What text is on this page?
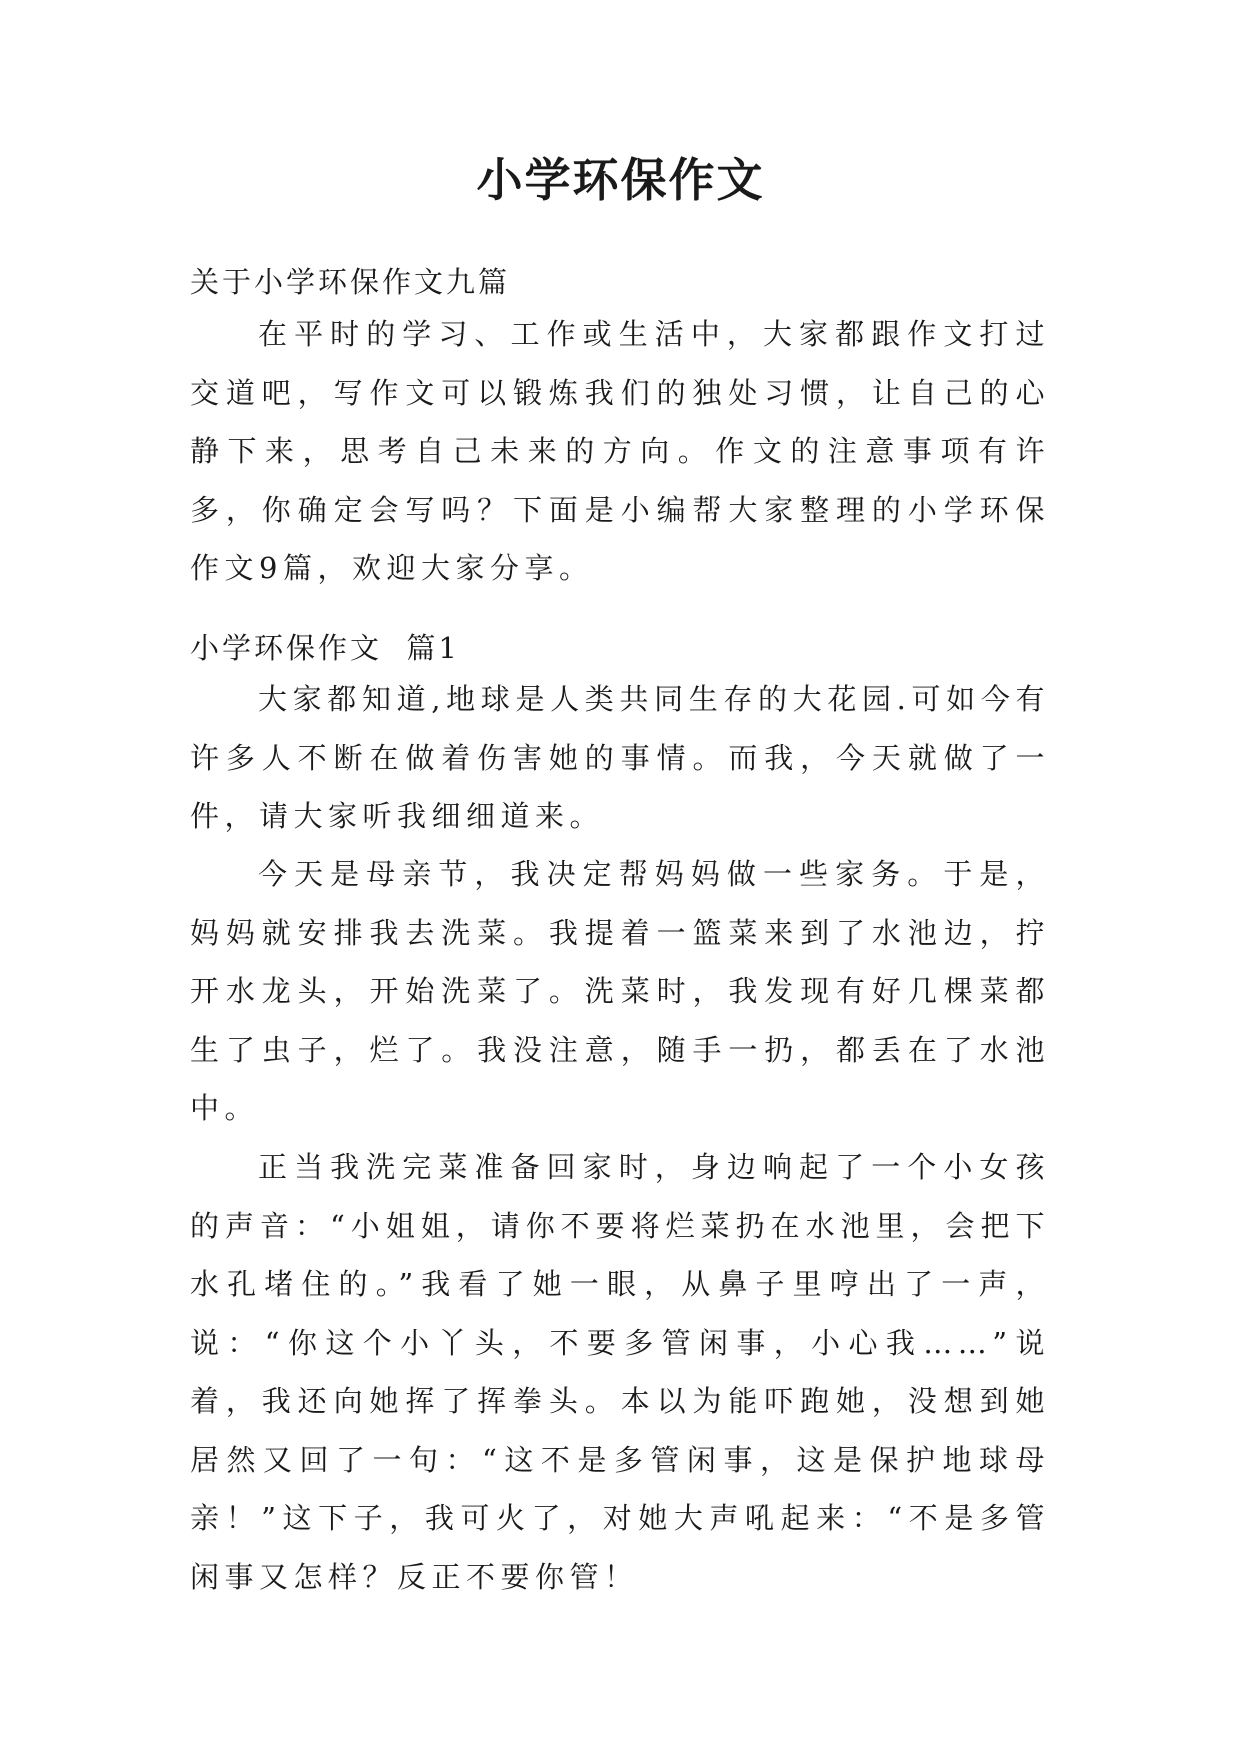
小学环保作文
关于小学环保作文九篇

在平时的学习、工作或生活中，大家都跟作文打过交道吧，写作文可以锻炼我们的独处习惯，让自己的心静下来，思考自己未来的方向。作文的注意事项有许多，你确定会写吗？下面是小编帮大家整理的小学环保作文9篇，欢迎大家分享。

小学环保作文  篇1

大家都知道,地球是人类共同生存的大花园.可如今有许多人不断在做着伤害她的事情。而我，今天就做了一件，请大家听我细细道来。

今天是母亲节，我决定帮妈妈做一些家务。于是，妈妈就安排我去洗菜。我提着一篮菜来到了水池边，拧开水龙头，开始洗菜了。洗菜时，我发现有好几棵菜都生了虫子，烂了。我没注意，随手一扔，都丢在了水池中。

正当我洗完菜准备回家时，身边响起了一个小女孩的声音：“小姐姐，请你不要将烂菜扔在水池里，会把下水孔堵住的。”我看了她一眼，从鼻子里哼出了一声，说：“你这个小丫头，不要多管闲事，小心我……”说着，我还向她挥了挥拳头。本以为能吓跑她，没想到她居然又回了一句：“这不是多管闲事，这是保护地球母亲！”这下子，我可火了，对她大声吼起来：“不是多管闲事又怎样？反正不要你管！
